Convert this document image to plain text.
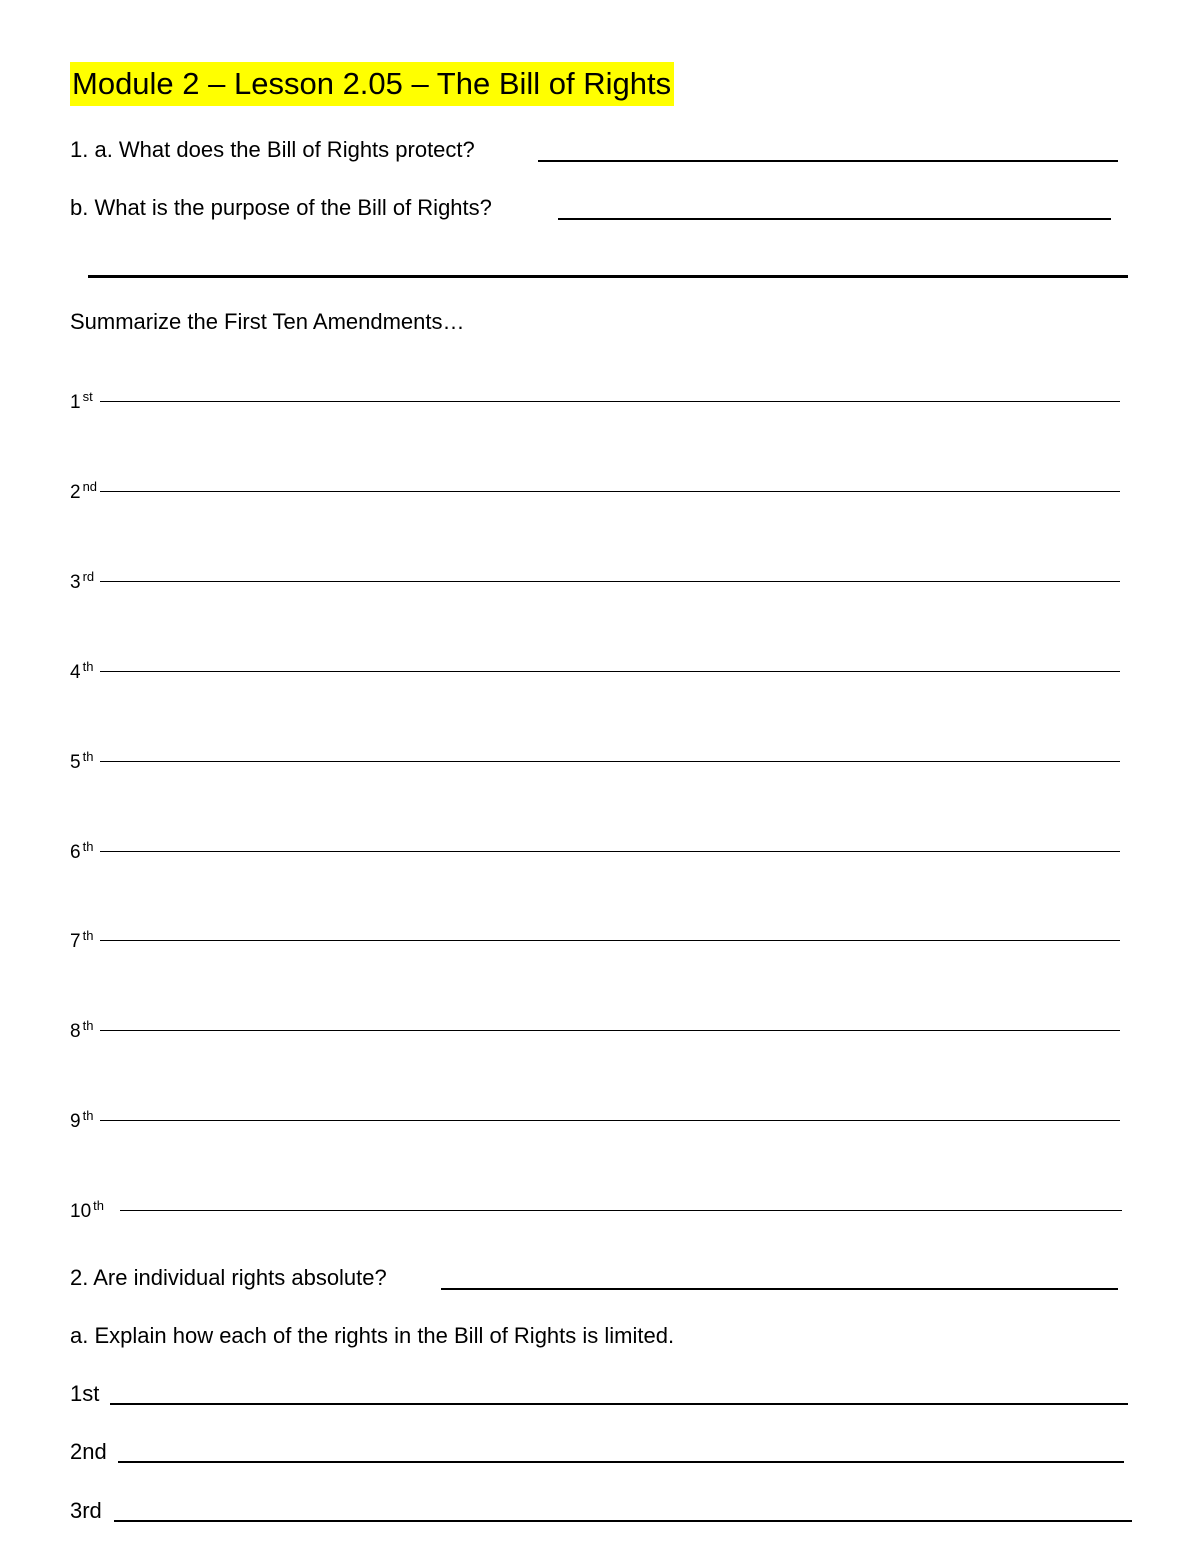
Module 2 – Lesson 2.05 – The Bill of Rights
1. a. What does the Bill of Rights protect?
b. What is the purpose of the Bill of Rights?
Summarize the First Ten Amendments…
1 $^{st}$
2 $^{nd}$
3 $^{rd}$
4 $^{th}$
5 $^{th}$
6 $^{th}$
7 $^{th}$
8 $^{th}$
9 $^{th}$
10 $^{th}$
2. Are individual rights absolute?
a. Explain how each of the rights in the Bill of Rights is limited.
1st
2nd
3rd
